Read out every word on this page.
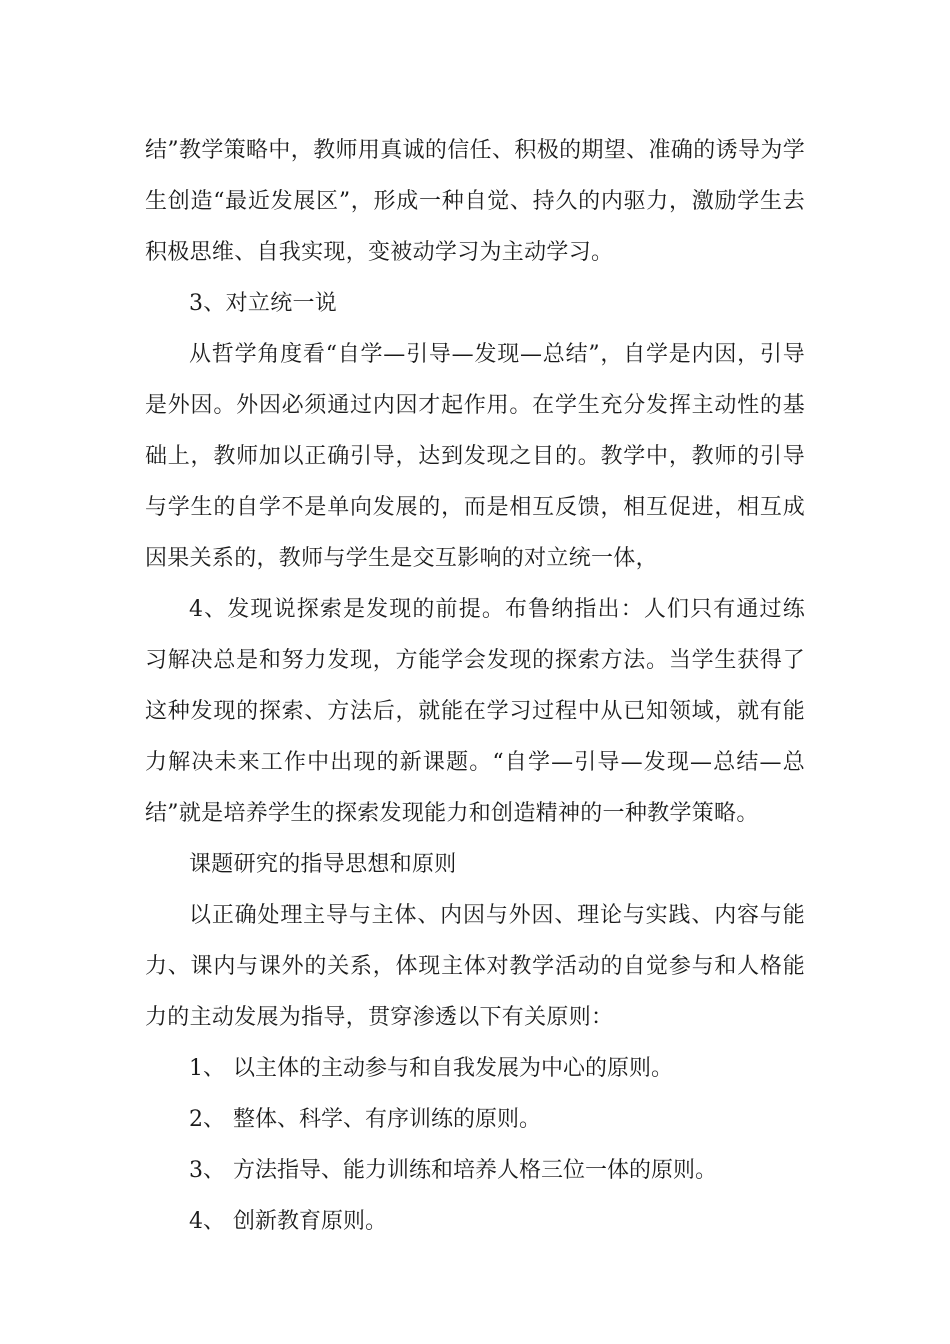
结”教学策略中，教师用真诚的信任、积极的期望、准确的诱导为学生创造“最近发展区”，形成一种自觉、持久的内驱力，激励学生去积极思维、自我实现，变被动学习为主动学习。

3、对立统一说

从哲学角度看“自学—引导—发现—总结”，自学是内因，引导是外因。外因必须通过内因才起作用。在学生充分发挥主动性的基础上，教师加以正确引导，达到发现之目的。教学中，教师的引导与学生的自学不是单向发展的，而是相互反馈，相互促进，相互成因果关系的，教师与学生是交互影响的对立统一体，

4、发现说探索是发现的前提。布鲁纳指出：人们只有通过练习解决总是和努力发现，方能学会发现的探索方法。当学生获得了这种发现的探索、方法后，就能在学习过程中从已知领域，就有能力解决未来工作中出现的新课题。“自学—引导—发现—总结—总结”就是培养学生的探索发现能力和创造精神的一种教学策略。

课题研究的指导思想和原则

以正确处理主导与主体、内因与外因、理论与实践、内容与能力、课内与课外的关系，体现主体对教学活动的自觉参与和人格能力的主动发展为指导，贯穿渗透以下有关原则：

1、 以主体的主动参与和自我发展为中心的原则。

2、 整体、科学、有序训练的原则。

3、 方法指导、能力训练和培养人格三位一体的原则。

4、 创新教育原则。
